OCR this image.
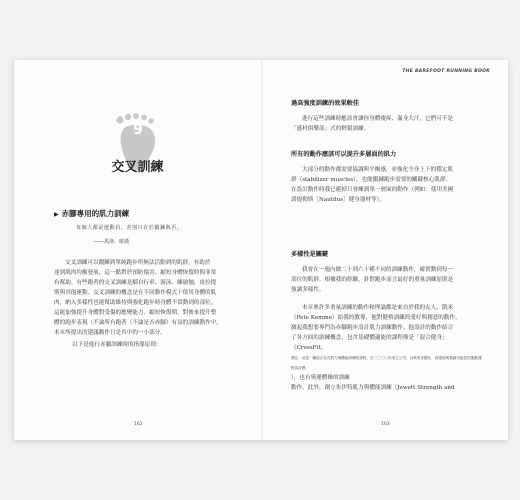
9
交叉訓練
▶ 赤腳專用的肌力訓練
每個人都是運動員，差別只在於鍛鍊與否。
——馬洛．庫漢

交叉訓練可以鍛鍊到單純跑步所無法活動到的肌群，有助於
達到肌肉均衡發展，這一點對於預防傷害、縮短身體恢復時間非常
有幫助。有些跑者的交叉訓練是騎自行車、游泳、練瑜伽，皮拉提
斯與其他運動。交叉訓練的概念是在不同動作模式下使用身體的肌
肉，納入多樣性也能幫助維持與強化跑步時身體不常動到的部位。
這能加強提升身體對受傷的應變能力，縮短恢復期，對後來提升整
體的跑步表現（不論所有跑者（不論是否赤腳）有益的訓練動作中，
本章所提出的建議動作只是其中的一小部分。

以下是進行赤腳訓練時的指導原則：

162
THE BAREFOOT RUNNING BOOK
過高強度訓練的效果較佳

進行這些訓練時應該會讓你身體痠疼、滿身大汗，它們可不是
「感村俱樂部」式的輕鬆訓練。

所有的動作應該可以提升多層面的肌力

大部分的動作都需要協調與平衡感，並強化全身上下的穩定肌
群（stabilizer muscles），也能鍛鍊跑步需要的關鍵核心肌群。
在設計動作時我已避掉只會練到單一層面的動作（例如：使用美國
諾提勒斯［Nautilus］健身器材等）。

多樣性是關鍵

我會在一週內做二十到六十種不同的訓練動作，確實動到每一
部位的肌群。根據我的經驗，針對跑步而言最好的重量訓練原則是
強調多樣性。

本章裡許多重量訓練的動作和理論都是來自於我的友人，凱米
（Pete Kemme）給我的教導，他對健格訓練的愛好與創意的動作，
激起我想要專門為赤腳跑步設計肌力訓練動作。他設計的動作結合
了各方面的訓練概念，包含基礎體適能的課程像是「混合健身」
（CrossFit，
譯注：這是一種結合各式肌力與體能訓練的課程，在二〇〇〇年成立公司，以執業身體化、高強度與強調功能性的運動課程為目標。
），也有奧運體操的訓練
動作。此外，創立朱伊特肌力與體能訓練（Jewett Strength and

163
